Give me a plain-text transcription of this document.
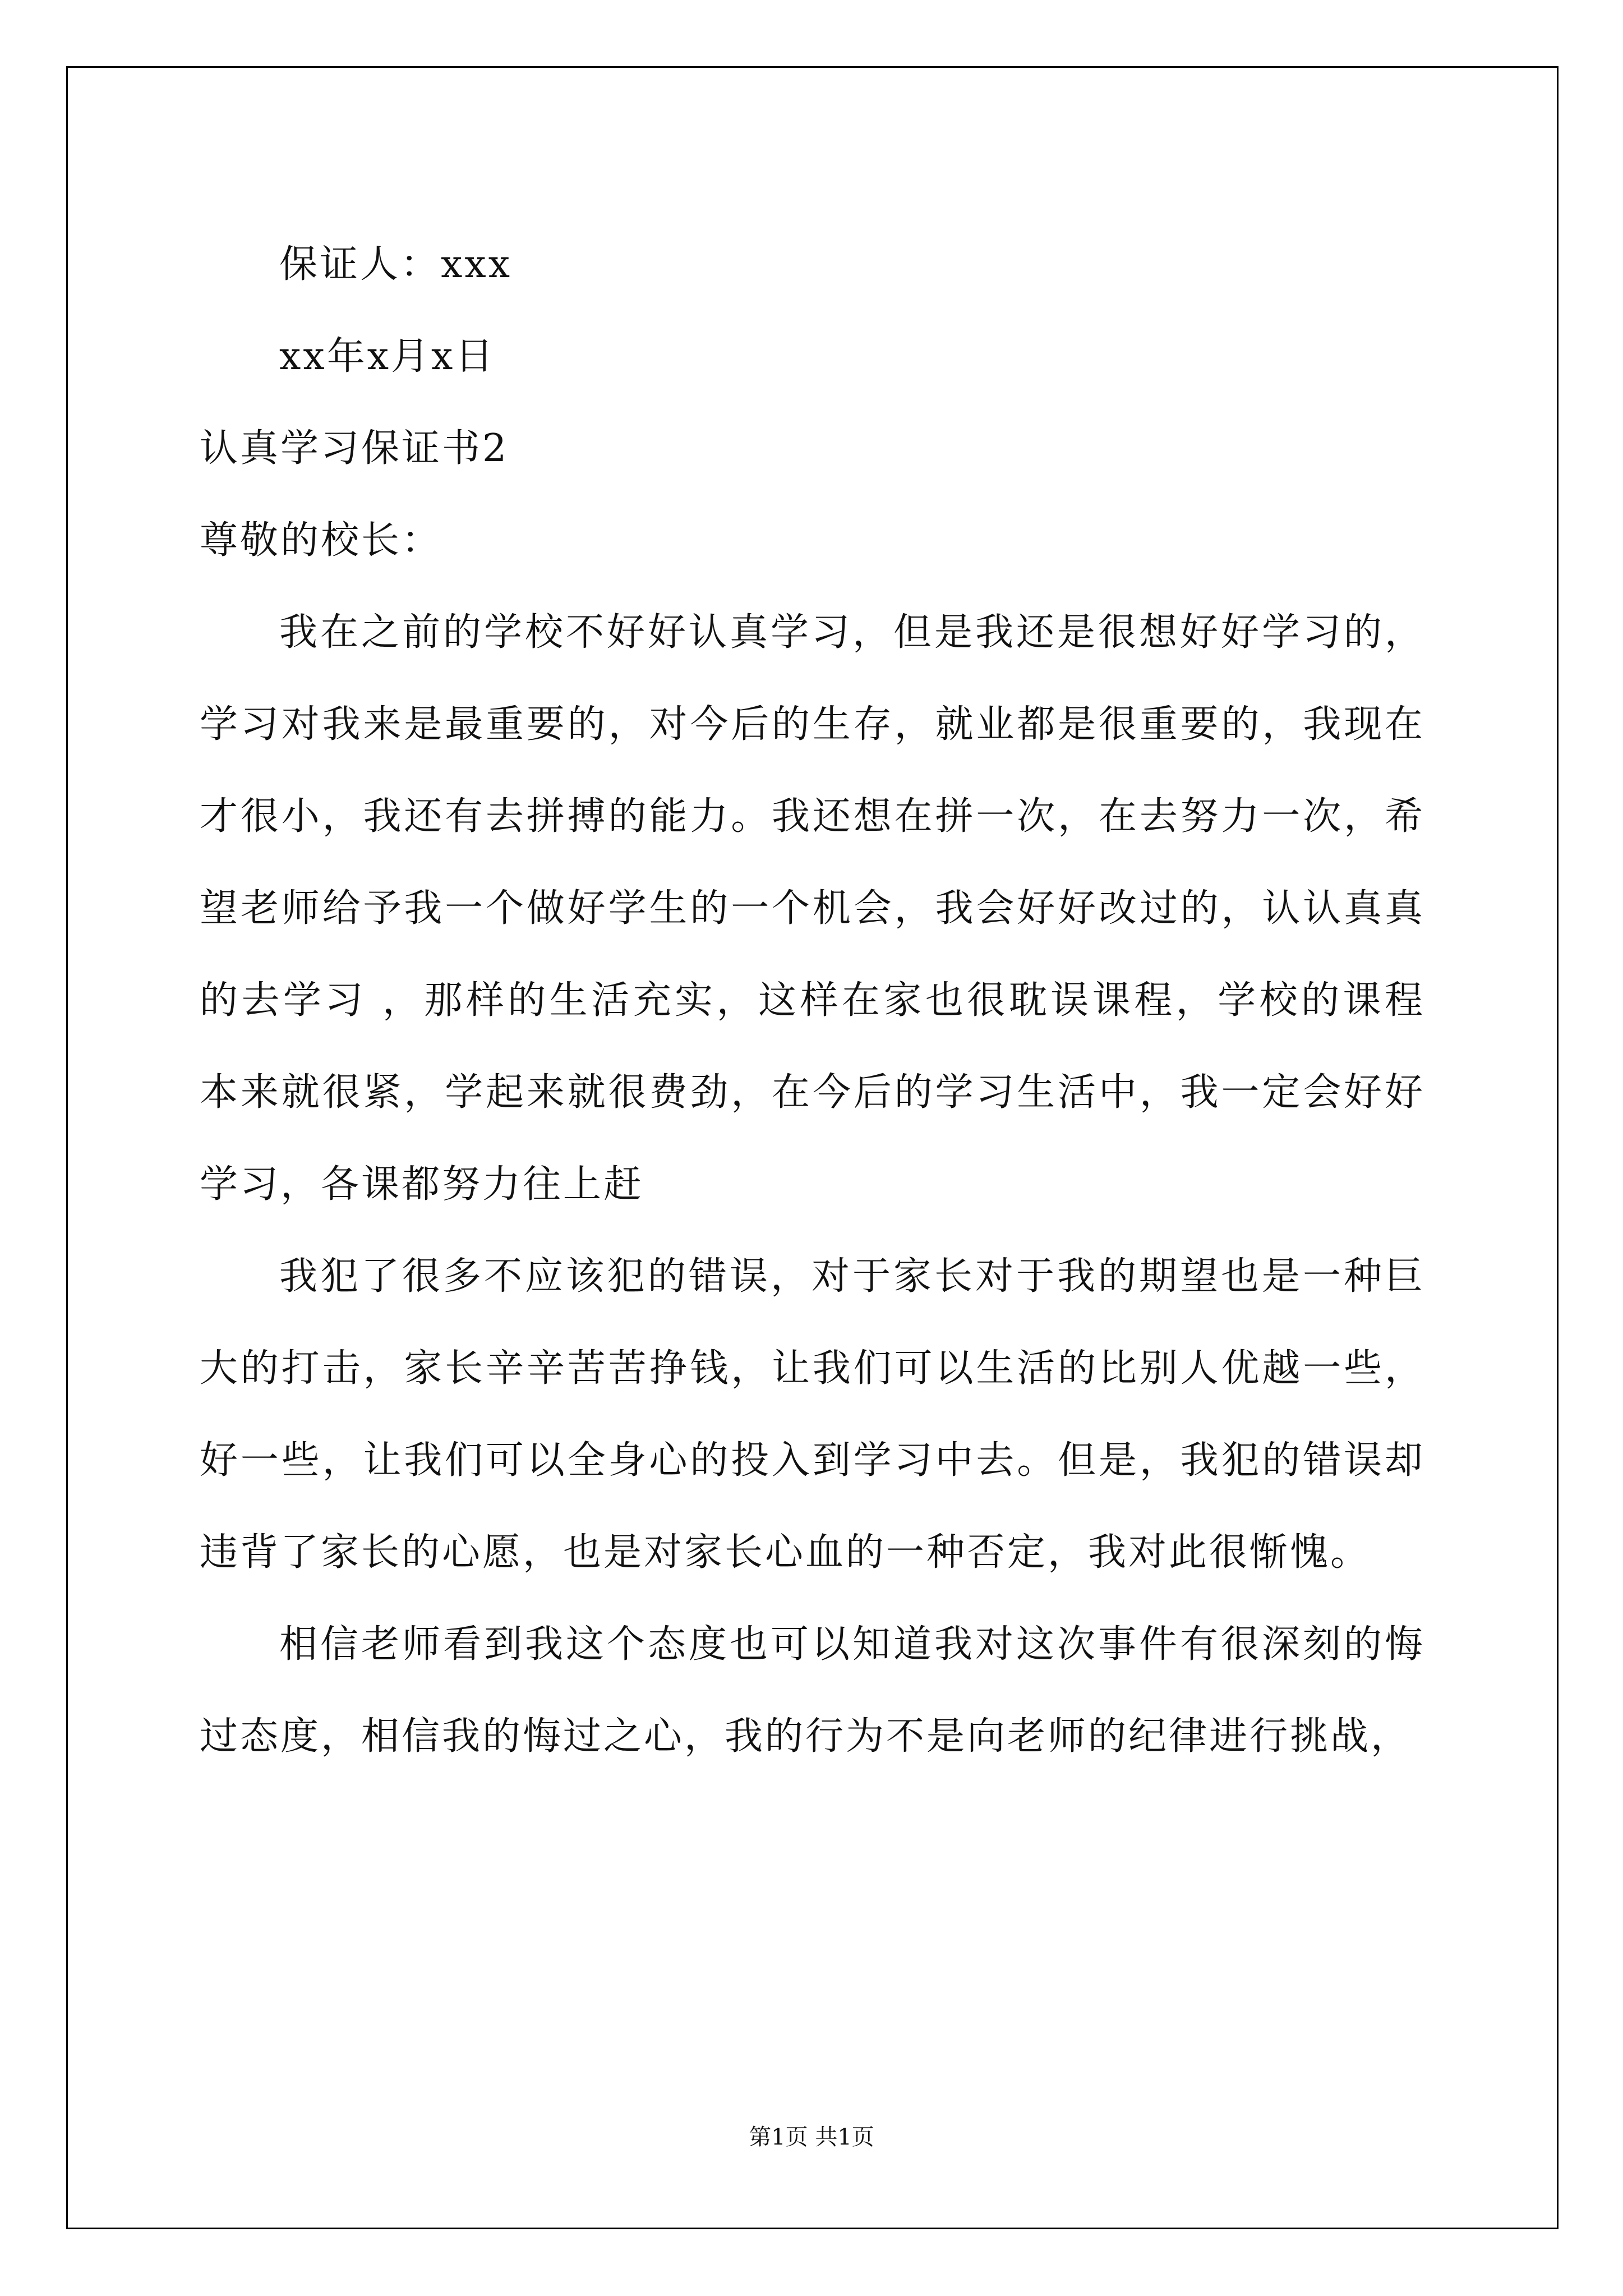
保证人：xxx
xx年x月x日
认真学习保证书2
尊敬的校长：

我在之前的学校不好好认真学习，但是我还是很想好好学习的，学习对我来是最重要的，对今后的生存，就业都是很重要的，我现在才很小，我还有去拼搏的能力。我还想在拼一次，在去努力一次，希望老师给予我一个做好学生的一个机会，我会好好改过的，认认真真的去学习 ，那样的生活充实，这样在家也很耽误课程，学校的课程本来就很紧，学起来就很费劲，在今后的学习生活中，我一定会好好学习，各课都努力往上赶

我犯了很多不应该犯的错误，对于家长对于我的期望也是一种巨大的打击，家长辛辛苦苦挣钱，让我们可以生活的比别人优越一些，好一些，让我们可以全身心的投入到学习中去。但是，我犯的错误却违背了家长的心愿，也是对家长心血的一种否定，我对此很惭愧。

相信老师看到我这个态度也可以知道我对这次事件有很深刻的悔过态度，相信我的悔过之心，我的行为不是向老师的纪律进行挑战，

第1页 共1页
